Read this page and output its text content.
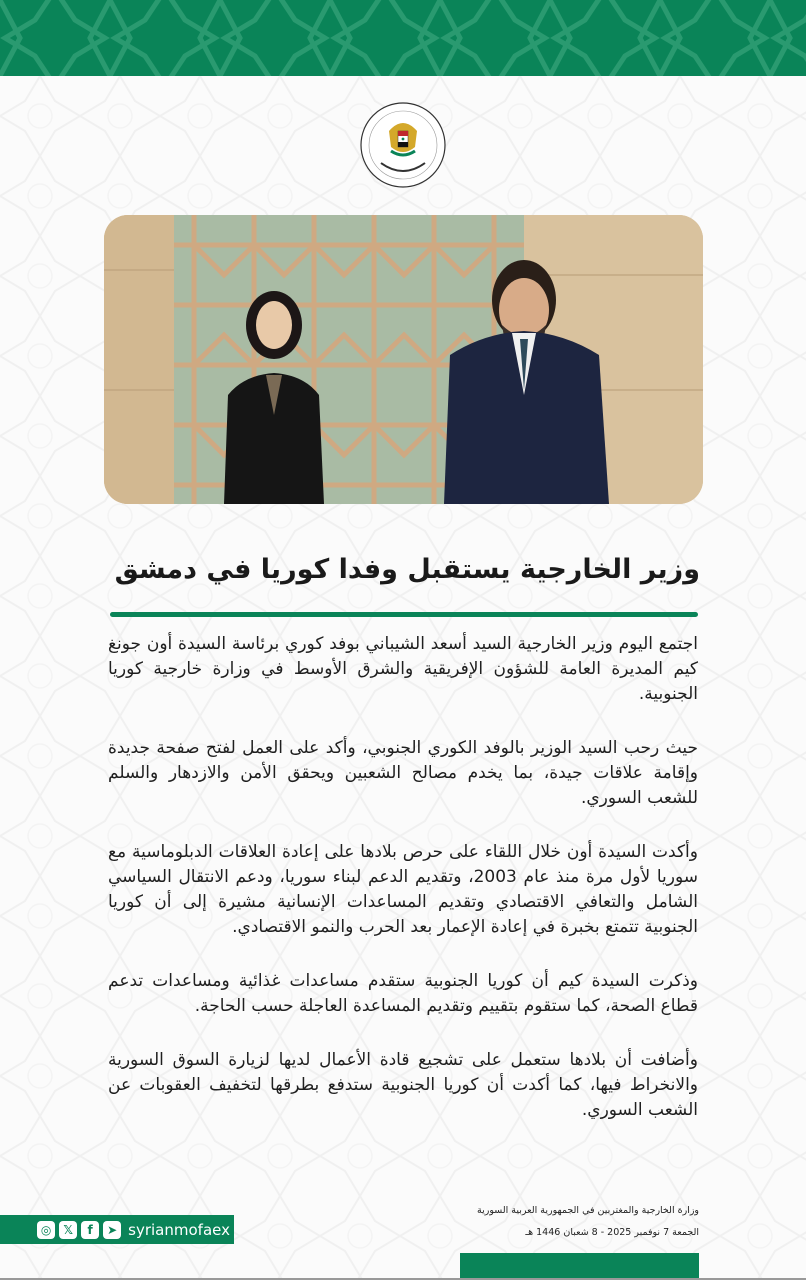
وزير الخارجية يستقبل وفدا كوريا في دمشق

اجتمع اليوم وزير الخارجية السيد أسعد الشيباني بوفد كوري برئاسة السيدة أون جونغ كيم المديرة العامة للشؤون الإفريقية والشرق الأوسط في وزارة خارجية كوريا الجنوبية.

حيث رحب السيد الوزير بالوفد الكوري الجنوبي، وأكد على العمل لفتح صفحة جديدة وإقامة علاقات جيدة، بما يخدم مصالح الشعبين ويحقق الأمن والازدهار والسلم للشعب السوري.

وأكدت السيدة أون خلال اللقاء على حرص بلادها على إعادة العلاقات الدبلوماسية مع سوريا لأول مرة منذ عام 2003، وتقديم الدعم لبناء سوريا، ودعم الانتقال السياسي الشامل والتعافي الاقتصادي وتقديم المساعدات الإنسانية مشيرة إلى أن كوريا الجنوبية تتمتع بخبرة في إعادة الإعمار بعد الحرب والنمو الاقتصادي.

وذكرت السيدة كيم أن كوريا الجنوبية ستقدم مساعدات غذائية ومساعدات تدعم قطاع الصحة، كما ستقوم بتقييم وتقديم المساعدة العاجلة حسب الحاجة.

وأضافت أن بلادها ستعمل على تشجيع قادة الأعمال لديها لزيارة السوق السورية والانخراط فيها، كما أكدت أن كوريا الجنوبية ستدفع بطرقها لتخفيف العقوبات عن الشعب السوري.

◎ 𝕏	f	➤ syrianmofaex
وزارة الخارجية والمغتربين في الجمهورية العربية السورية
الجمعة 7 نوفمبر 2025 - 8 شعبان 1446 هـ
